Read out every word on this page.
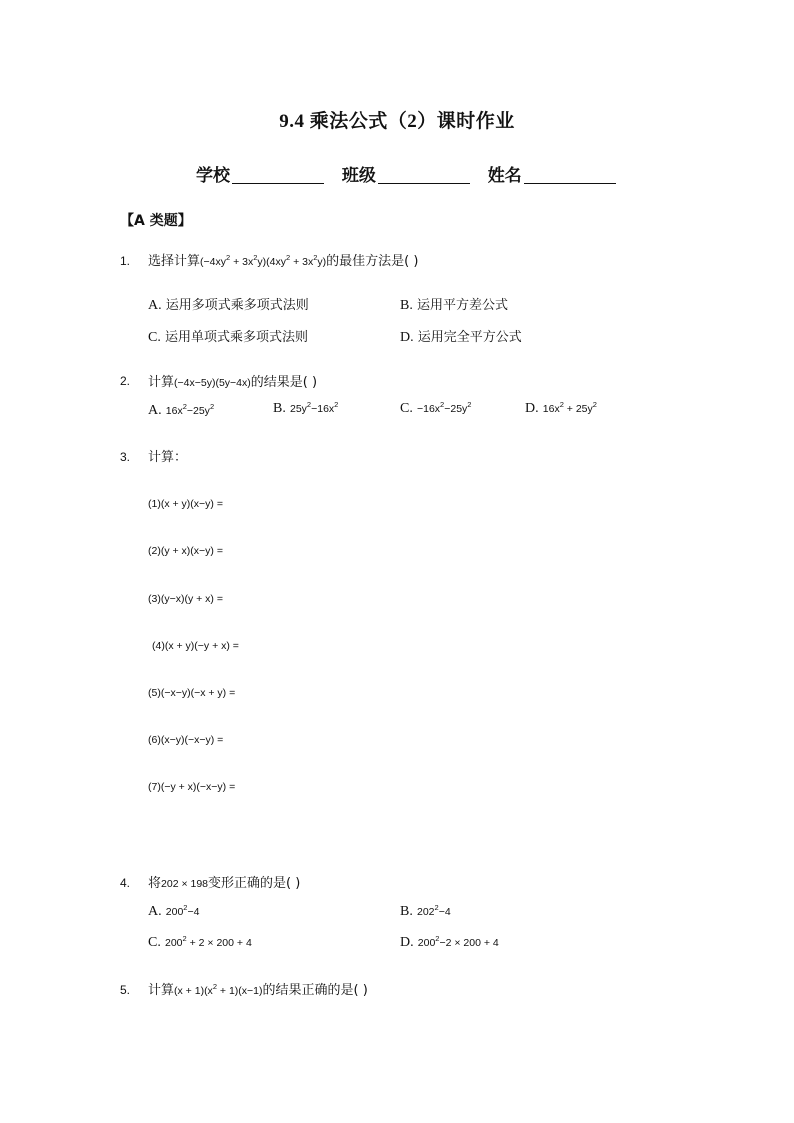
9.4 乘法公式（2）课时作业
学校	班级	姓名
【A 类题】
1. 选择计算$(-4xy^2 + 3x^2y)(4xy^2 + 3x^2y)$的最佳方法是( )
A. 运用多项式乘多项式法则	B. 运用平方差公式
C. 运用单项式乘多项式法则	D. 运用完全平方公式
2. 计算(−4x−5y)(5y−4x)的结果是( )
A. $16x^2-25y^2$	B. $25y^2-16x^2$	C. $-16x^2-25y^2$	D. $16x^2 + 25y^2$
3. 计算：
(1)(x + y)(x−y) =
(2)(y + x)(x−y) =
(3)(y−x)(y + x) =
(4)(x + y)(−y + x) =
(5)(−x−y)(−x + y) =
(6)(x−y)(−x−y) =
(7)(−y + x)(−x−y) =
4. 将202 × 198变形正确的是( )
A. $200^2-4$	B. $202^2-4$
C. $200^2 + 2 \times 200 + 4$	D. $200^2-2 \times 200 + 4$
5. 计算$(x + 1)(x^2 + 1)(x-1)$的结果正确的是( )
